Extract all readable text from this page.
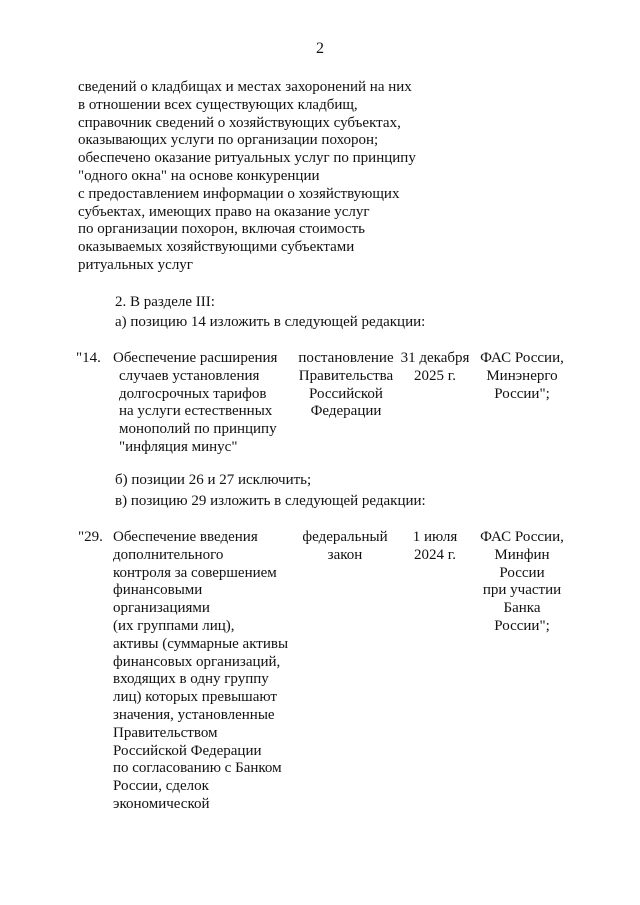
2
сведений о кладбищах и местах захоронений на них
в отношении всех существующих кладбищ,
справочник сведений о хозяйствующих субъектах,
оказывающих услуги по организации похорон;
обеспечено оказание ритуальных услуг по принципу
"одного окна" на основе конкуренции
с предоставлением информации о хозяйствующих
субъектах, имеющих право на оказание услуг
по организации похорон, включая стоимость
оказываемых хозяйствующими субъектами
ритуальных услуг
2. В разделе III:
а) позицию 14 изложить в следующей редакции:
"14. Обеспечение расширения
случаев установления
долгосрочных тарифов
на услуги естественных
монополий по принципу
"инфляция минус"
постановление
Правительства
Российской
Федерации
31 декабря
2025 г.
ФАС России,
Минэнерго
России";
б) позиции 26 и 27 исключить;
в) позицию 29 изложить в следующей редакции:
"29. Обеспечение введения
дополнительного
контроля за совершением
финансовыми
организациями
(их группами лиц),
активы (суммарные активы
финансовых организаций,
входящих в одну группу
лиц) которых превышают
значения, установленные
Правительством
Российской Федерации
по согласованию с Банком
России, сделок
экономической
федеральный
закон
1 июля
2024 г.
ФАС России,
Минфин
России
при участии
Банка
России";
